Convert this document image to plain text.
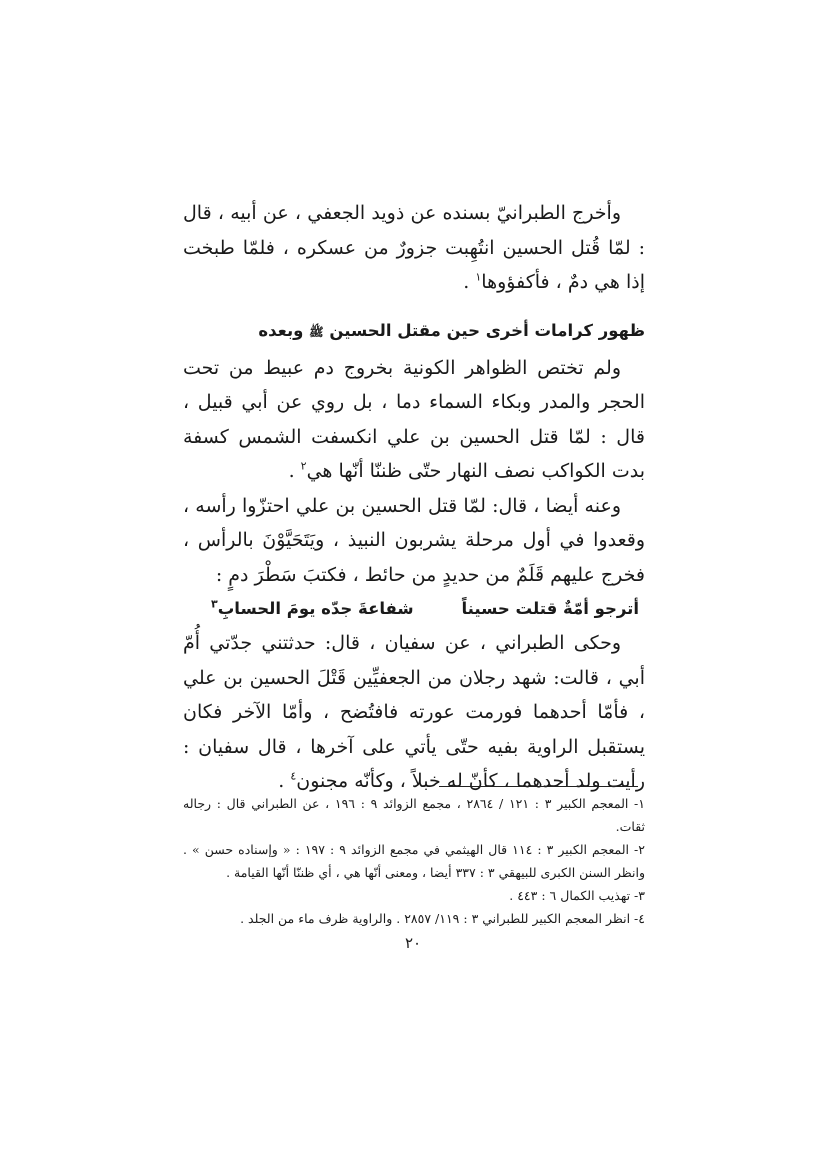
وأخرج الطبرانيّ بسنده عن ذويد الجعفي ، عن أبيه ، قال : لمّا قُتل الحسين انتُهِبت جزورٌ من عسكره ، فلمّا طبخت إذا هي دمٌ ، فأكفؤوها$^١$ .

ظهور كرامات أخرى حين مقتل الحسين ﷺ وبعده

ولم تختص الظواهر الكونية بخروج دم عبيط من تحت الحجر والمدر وبكاء السماء دما ، بل روي عن أبي قبيل ، قال : لمّا قتل الحسين بن علي انكسفت الشمس كسفة بدت الكواكب نصف النهار حتّى ظننّا أنّها هي$^٢$ .

وعنه أيضا ، قال: لمّا قتل الحسين بن علي احتزّوا رأسه ، وقعدوا في أول مرحلة يشربون النبيذ ، ويَتَحَيَّوْنَ بالرأس ، فخرج عليهم قَلَمٌ من حديدٍ من حائط ، فكتبَ سَطْرَ دمٍ :

أترجو أمّةٌ قتلت حسيناً
شفاعةَ جدّه يومَ الحسابِ$^٣$

وحكى الطبراني ، عن سفيان ، قال: حدثتني جدّتي أُمّ أبي ، قالت: شهد رجلان من الجعفيِّين قَتْلَ الحسين بن علي ، فأمّا أحدهما فورمت عورته فافتُضح ، وأمّا الآخر فكان يستقبل الراوية بفيه حتّى يأتي على آخرها ، قال سفيان : رأيت ولد أحدهما ، كأنّ له خبلاً ، وكأنّه مجنون$^٤$ .

١- المعجم الكبير ٣ : ١٢١ / ٢٨٦٤ ، مجمع الزوائد ٩ : ١٩٦ ، عن الطبراني قال : رجاله ثقات.

٢- المعجم الكبير ٣ : ١١٤ قال الهيثمي في مجمع الزوائد ٩ : ١٩٧ : « وإسناده حسن » . وانظر السنن الكبرى للبيهقي ٣ : ٣٣٧ أيضا ، ومعنى أنّها هي ، أي ظننّا أنّها القيامة .

٣- تهذيب الكمال ٦ : ٤٤٣ .

٤- انظر المعجم الكبير للطبراني ٣ : ١١٩/ ٢٨٥٧ . والراوية ظرف ماء من الجلد .

٢٠
